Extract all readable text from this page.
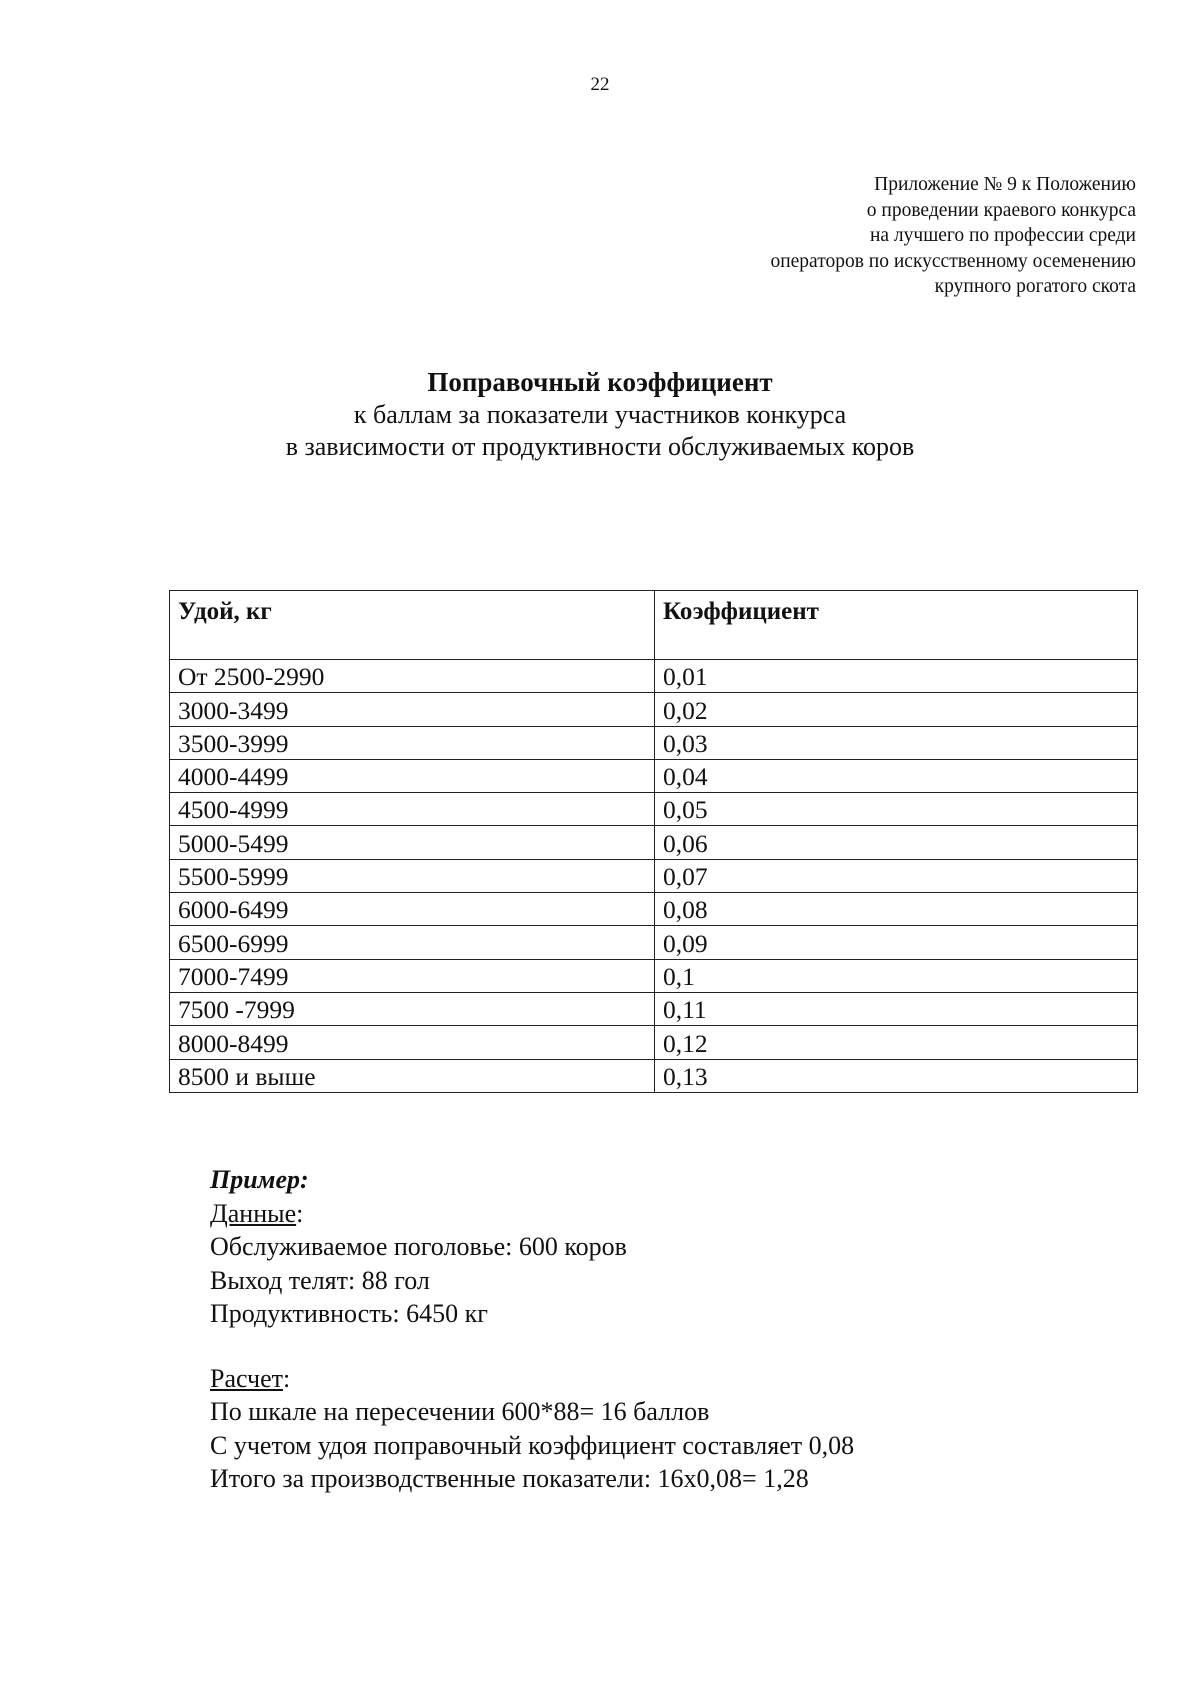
22
Приложение № 9 к Положению
о проведении краевого конкурса
на лучшего по профессии среди
операторов по искусственному осеменению
крупного рогатого скота
Поправочный коэффициент
к баллам за показатели участников конкурса
в зависимости от продуктивности обслуживаемых коров
Удой, кг	Коэффициент
От 2500-2990	0,01
3000-3499	0,02
3500-3999	0,03
4000-4499	0,04
4500-4999	0,05
5000-5499	0,06
5500-5999	0,07
6000-6499	0,08
6500-6999	0,09
7000-7499	0,1
7500 -7999	0,11
8000-8499	0,12
8500 и выше	0,13
Пример:
Данные:
Обслуживаемое поголовье: 600 коров
Выход телят: 88 гол
Продуктивность: 6450 кг
Расчет:
По шкале на пересечении 600*88= 16 баллов
С учетом удоя поправочный коэффициент составляет 0,08
Итого за производственные показатели: 16х0,08= 1,28
